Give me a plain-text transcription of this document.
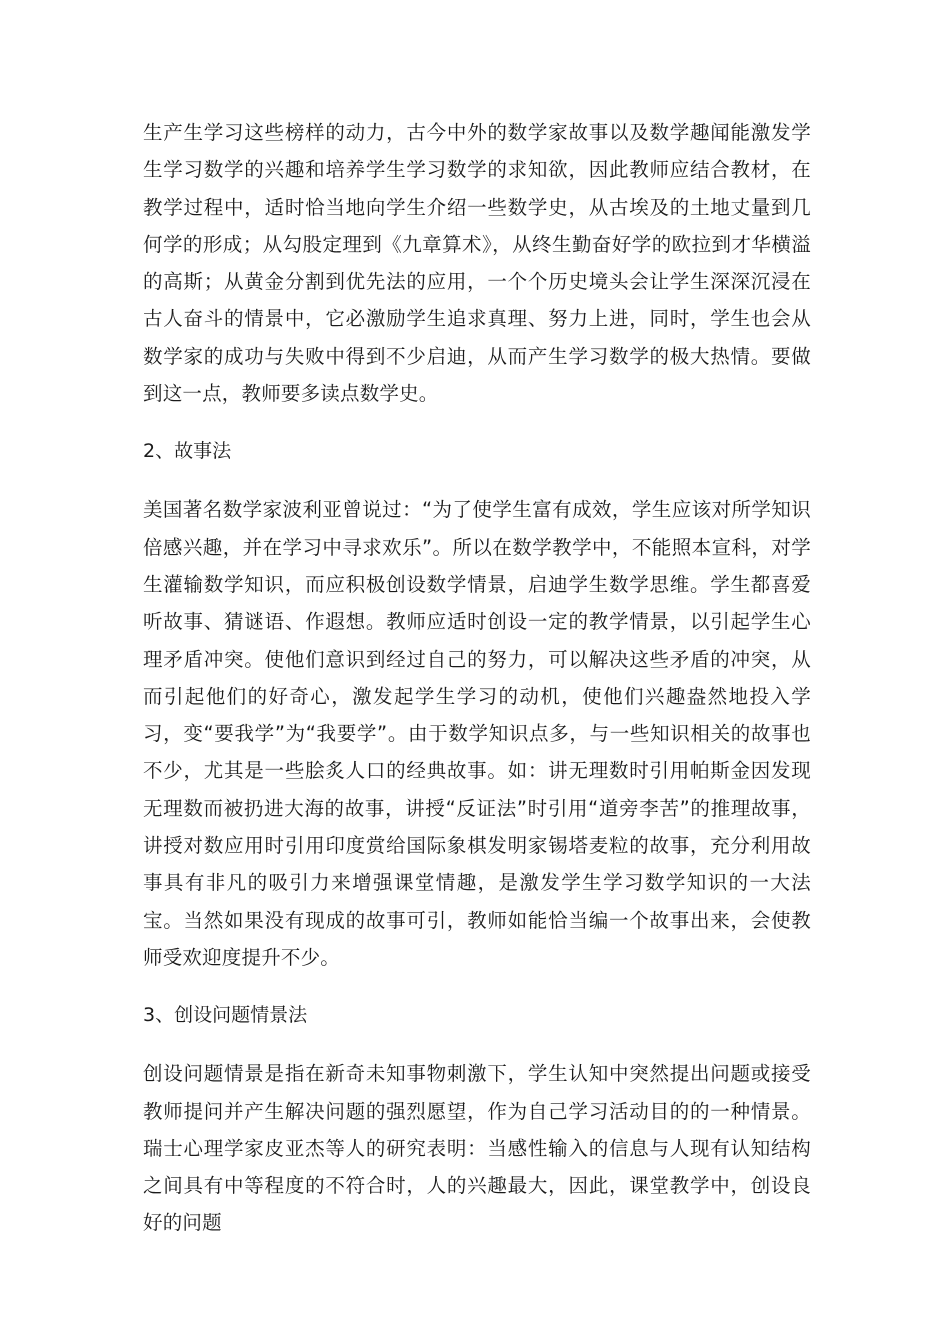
生产生学习这些榜样的动力，古今中外的数学家故事以及数学趣闻能激发学生学习数学的兴趣和培养学生学习数学的求知欲，因此教师应结合教材，在教学过程中，适时恰当地向学生介绍一些数学史，从古埃及的土地丈量到几何学的形成；从勾股定理到《九章算术》，从终生勤奋好学的欧拉到才华横溢的高斯；从黄金分割到优先法的应用，一个个历史境头会让学生深深沉浸在古人奋斗的情景中，它必激励学生追求真理、努力上进，同时，学生也会从数学家的成功与失败中得到不少启迪，从而产生学习数学的极大热情。要做到这一点，教师要多读点数学史。

2、故事法

美国著名数学家波利亚曾说过：“为了使学生富有成效，学生应该对所学知识倍感兴趣，并在学习中寻求欢乐”。所以在数学教学中，不能照本宣科，对学生灌输数学知识，而应积极创设数学情景，启迪学生数学思维。学生都喜爱听故事、猜谜语、作遐想。教师应适时创设一定的教学情景，以引起学生心理矛盾冲突。使他们意识到经过自己的努力，可以解决这些矛盾的冲突，从而引起他们的好奇心，激发起学生学习的动机，使他们兴趣盎然地投入学习，变“要我学”为“我要学”。由于数学知识点多，与一些知识相关的故事也不少，尤其是一些脍炙人口的经典故事。如：讲无理数时引用帕斯金因发现无理数而被扔进大海的故事，讲授“反证法”时引用“道旁李苦”的推理故事，讲授对数应用时引用印度赏给国际象棋发明家锡塔麦粒的故事，充分利用故事具有非凡的吸引力来增强课堂情趣，是激发学生学习数学知识的一大法宝。当然如果没有现成的故事可引，教师如能恰当编一个故事出来，会使教师受欢迎度提升不少。

3、创设问题情景法

创设问题情景是指在新奇未知事物刺激下，学生认知中突然提出问题或接受教师提问并产生解决问题的强烈愿望，作为自己学习活动目的的一种情景。瑞士心理学家皮亚杰等人的研究表明：当感性输入的信息与人现有认知结构之间具有中等程度的不符合时，人的兴趣最大，因此，课堂教学中，创设良好的问题
